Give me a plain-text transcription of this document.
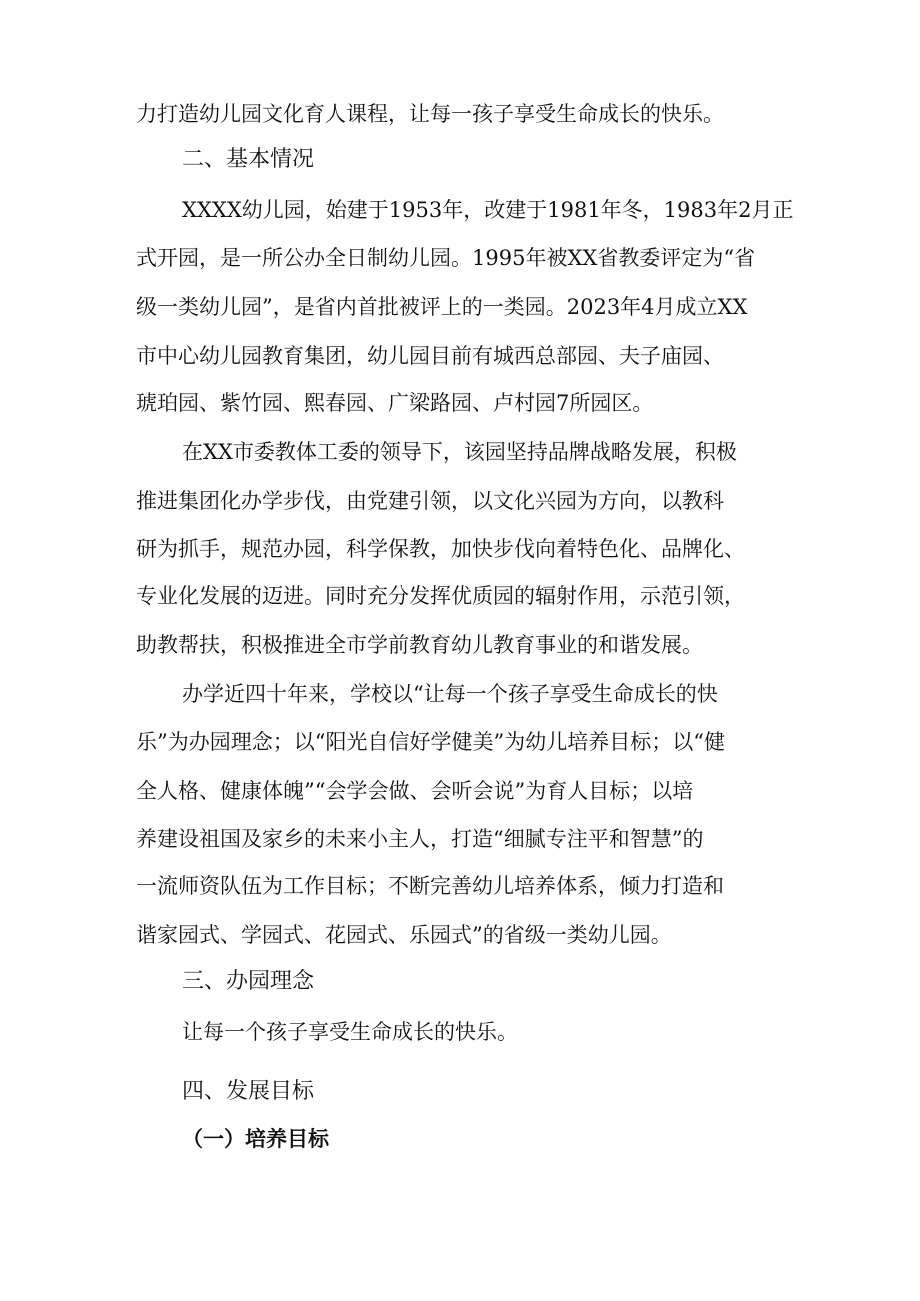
力打造幼儿园文化育人课程，让每一孩子享受生命成长的快乐。
二、基本情况
XXXX幼儿园，始建于1953年，改建于1981年冬，1983年2月正
式开园，是一所公办全日制幼儿园。1995年被XX省教委评定为“省
级一类幼儿园”，是省内首批被评上的一类园。2023年4月成立XX
市中心幼儿园教育集团，幼儿园目前有城西总部园、夫子庙园、
琥珀园、紫竹园、熙春园、广梁路园、卢村园7所园区。
在XX市委教体工委的领导下，该园坚持品牌战略发展，积极
推进集团化办学步伐，由党建引领，以文化兴园为方向，以教科
研为抓手，规范办园，科学保教，加快步伐向着特色化、品牌化、
专业化发展的迈进。同时充分发挥优质园的辐射作用，示范引领，
助教帮扶，积极推进全市学前教育幼儿教育事业的和谐发展。
办学近四十年来，学校以“让每一个孩子享受生命成长的快
乐”为办园理念；以“阳光自信好学健美”为幼儿培养目标；以“健
全人格、健康体魄”“会学会做、会听会说”为育人目标；以培
养建设祖国及家乡的未来小主人，打造“细腻专注平和智慧”的
一流师资队伍为工作目标；不断完善幼儿培养体系，倾力打造和
谐家园式、学园式、花园式、乐园式”的省级一类幼儿园。
三、办园理念
让每一个孩子享受生命成长的快乐。
四、发展目标
（一）培养目标
